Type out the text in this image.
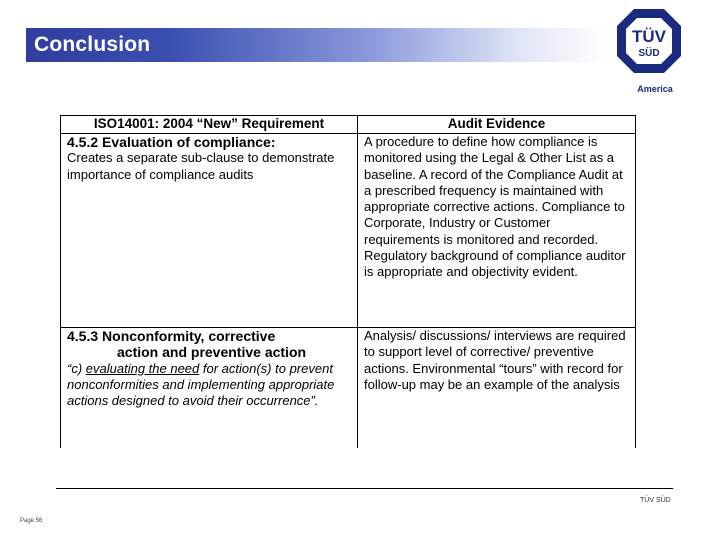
Conclusion	TÜV
SÜD
America
ISO14001: 2004 “New” Requirement	Audit Evidence

4.5.2 Evaluation of compliance:
Creates a separate sub-clause to demonstrate importance of compliance audits	A procedure to define how compliance is monitored using the Legal & Other List as a baseline. A record of the Compliance Audit at a prescribed frequency is maintained with appropriate corrective actions. Compliance to Corporate, Industry or Customer requirements is monitored and recorded. Regulatory background of compliance auditor is appropriate and objectivity evident.

4.5.3 Nonconformity, corrective
action and preventive action
“c) evaluating the need for action(s) to prevent nonconformities and implementing appropriate actions designed to avoid their occurrence”.	Analysis/ discussions/ interviews are required to support level of corrective/ preventive actions. Environmental “tours” with record for follow-up may be an example of the analysis
TÜV SÜD
Page 56
